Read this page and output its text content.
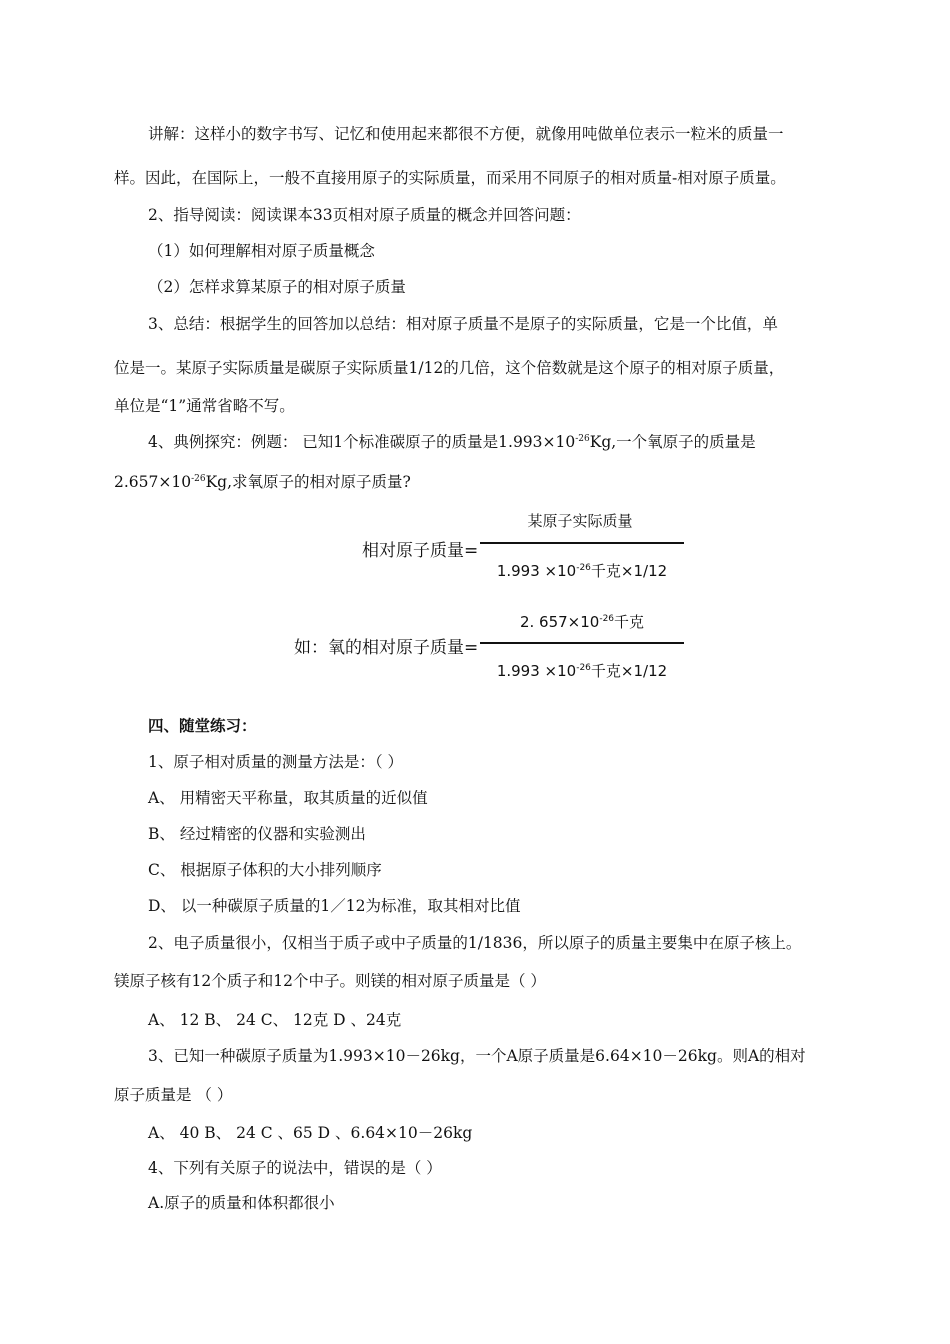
讲解：这样小的数字书写、记忆和使用起来都很不方便，就像用吨做单位表示一粒米的质量一
样。因此，在国际上，一般不直接用原子的实际质量，而采用不同原子的相对质量-相对原子质量。
2、指导阅读：阅读课本33页相对原子质量的概念并回答问题：
（1）如何理解相对原子质量概念
（2）怎样求算某原子的相对原子质量
3、总结：根据学生的回答加以总结：相对原子质量不是原子的实际质量，它是一个比值，单
位是一。某原子实际质量是碳原子实际质量1/12的几倍，这个倍数就是这个原子的相对原子质量，
单位是“1”通常省略不写。
4、典例探究：例题： 已知1个标准碳原子的质量是$1.993\times 10^{-26}Kg$,一个氧原子的质量是
$2.657\times 10^{-26}Kg$,求氧原子的相对原子质量?
相对原子质量=
某原子实际质量
$1.993 \times 10^{-26}$千克×1/12
如：氧的相对原子质量=
2. $657\times 10^{-26}$千克
$1.993 \times 10^{-26}$千克×1/12
四、随堂练习：
1、原子相对质量的测量方法是：（ ）
A、 用精密天平称量，取其质量的近似值
B、 经过精密的仪器和实验测出
C、 根据原子体积的大小排列顺序
D、 以一种碳原子质量的1／12为标准，取其相对比值
2、电子质量很小，仅相当于质子或中子质量的1/1836，所以原子的质量主要集中在原子核上。
镁原子核有12个质子和12个中子。则镁的相对原子质量是（ ）
A、 12 B、 24 C、 12克 D 、24克
3、已知一种碳原子质量为1.993×10－26kg，一个A原子质量是6.64×10－26kg。则A的相对
原子质量是 （ ）
A、 40 B、 24 C 、65 D 、6.64×10－26kg
4、下列有关原子的说法中，错误的是（ ）
A.原子的质量和体积都很小
